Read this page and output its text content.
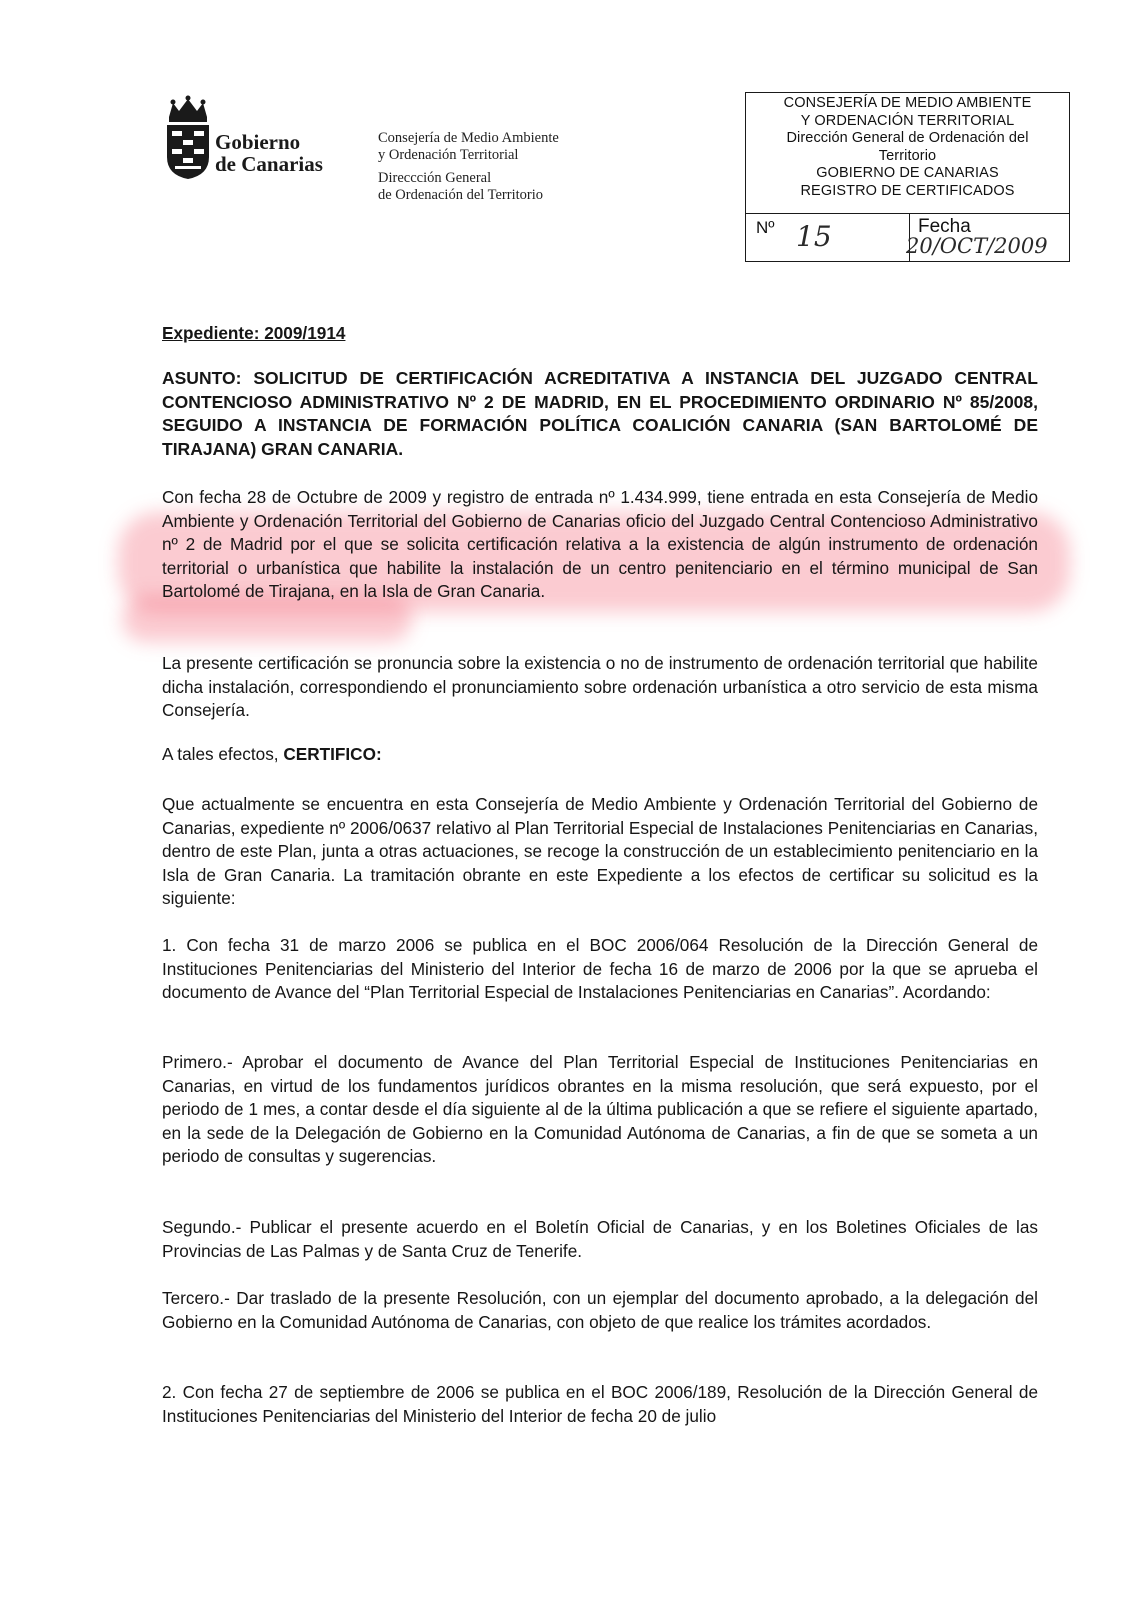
Gobierno
de Canarias
Consejería de Medio Ambiente
y Ordenación Territorial
Direccción General
de Ordenación del Territorio
CONSEJERÍA DE MEDIO AMBIENTE
Y ORDENACIÓN TERRITORIAL
Dirección General de Ordenación del
Territorio
GOBIERNO DE CANARIAS
REGISTRO DE CERTIFICADOS
Nº 15	Fecha
20/OCT/2009
Expediente: 2009/1914
ASUNTO: SOLICITUD DE CERTIFICACIÓN ACREDITATIVA A INSTANCIA DEL JUZGADO CENTRAL CONTENCIOSO ADMINISTRATIVO Nº 2 DE MADRID, EN EL PROCEDIMIENTO ORDINARIO Nº 85/2008, SEGUIDO A INSTANCIA DE FORMACIÓN POLÍTICA COALICIÓN CANARIA (SAN BARTOLOMÉ DE TIRAJANA) GRAN CANARIA.

Con fecha 28 de Octubre de 2009 y registro de entrada nº 1.434.999, tiene entrada en esta Consejería de Medio Ambiente y Ordenación Territorial del Gobierno de Canarias oficio del Juzgado Central Contencioso Administrativo nº 2 de Madrid por el que se solicita certificación relativa a la existencia de algún instrumento de ordenación territorial o urbanística que habilite la instalación de un centro penitenciario en el término municipal de San Bartolomé de Tirajana, en la Isla de Gran Canaria.

La presente certificación se pronuncia sobre la existencia o no de instrumento de ordenación territorial que habilite dicha instalación, correspondiendo el pronunciamiento sobre ordenación urbanística a otro servicio de esta misma Consejería.

A tales efectos, CERTIFICO:

Que actualmente se encuentra en esta Consejería de Medio Ambiente y Ordenación Territorial del Gobierno de Canarias, expediente nº 2006/0637 relativo al Plan Territorial Especial de Instalaciones Penitenciarias en Canarias, dentro de este Plan, junta a otras actuaciones, se recoge la construcción de un establecimiento penitenciario en la Isla de Gran Canaria. La tramitación obrante en este Expediente a los efectos de certificar su solicitud es la siguiente:

1. Con fecha 31 de marzo 2006 se publica en el BOC 2006/064 Resolución de la Dirección General de Instituciones Penitenciarias del Ministerio del Interior de fecha 16 de marzo de 2006 por la que se aprueba el documento de Avance del “Plan Territorial Especial de Instalaciones Penitenciarias en Canarias”. Acordando:

Primero.- Aprobar el documento de Avance del Plan Territorial Especial de Instituciones Penitenciarias en Canarias, en virtud de los fundamentos jurídicos obrantes en la misma resolución, que será expuesto, por el periodo de 1 mes, a contar desde el día siguiente al de la última publicación a que se refiere el siguiente apartado, en la sede de la Delegación de Gobierno en la Comunidad Autónoma de Canarias, a fin de que se someta a un periodo de consultas y sugerencias.

Segundo.- Publicar el presente acuerdo en el Boletín Oficial de Canarias, y en los Boletines Oficiales de las Provincias de Las Palmas y de Santa Cruz de Tenerife.

Tercero.- Dar traslado de la presente Resolución, con un ejemplar del documento aprobado, a la delegación del Gobierno en la Comunidad Autónoma de Canarias, con objeto de que realice los trámites acordados.

2. Con fecha 27 de septiembre de 2006 se publica en el BOC 2006/189, Resolución de la Dirección General de Instituciones Penitenciarias del Ministerio del Interior de fecha 20 de julio
